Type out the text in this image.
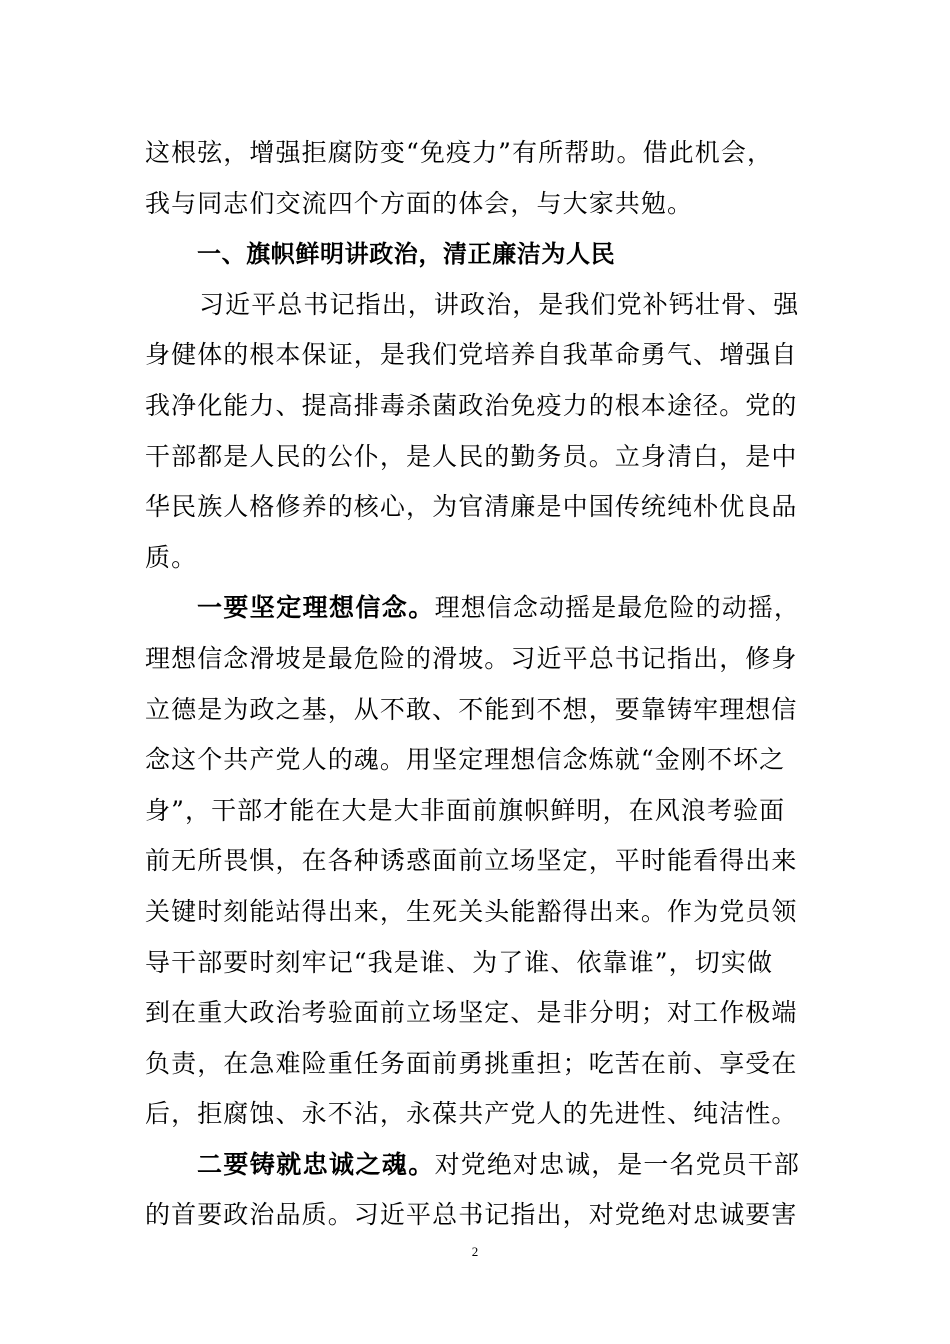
这根弦，增强拒腐防变“免疫力”有所帮助。借此机会，
我与同志们交流四个方面的体会，与大家共勉。
一、旗帜鲜明讲政治，清正廉洁为人民
习近平总书记指出，讲政治，是我们党补钙壮骨、强
身健体的根本保证，是我们党培养自我革命勇气、增强自
我净化能力、提高排毒杀菌政治免疫力的根本途径。党的
干部都是人民的公仆，是人民的勤务员。立身清白，是中
华民族人格修养的核心，为官清廉是中国传统纯朴优良品
质。
一要坚定理想信念。理想信念动摇是最危险的动摇，
理想信念滑坡是最危险的滑坡。习近平总书记指出，修身
立德是为政之基，从不敢、不能到不想，要靠铸牢理想信
念这个共产党人的魂。用坚定理想信念炼就“金刚不坏之
身”，干部才能在大是大非面前旗帜鲜明，在风浪考验面
前无所畏惧，在各种诱惑面前立场坚定，平时能看得出来
关键时刻能站得出来，生死关头能豁得出来。作为党员领
导干部要时刻牢记“我是谁、为了谁、依靠谁”，切实做
到在重大政治考验面前立场坚定、是非分明；对工作极端
负责，在急难险重任务面前勇挑重担；吃苦在前、享受在
后，拒腐蚀、永不沾，永葆共产党人的先进性、纯洁性。
二要铸就忠诚之魂。对党绝对忠诚，是一名党员干部
的首要政治品质。习近平总书记指出，对党绝对忠诚要害
2
